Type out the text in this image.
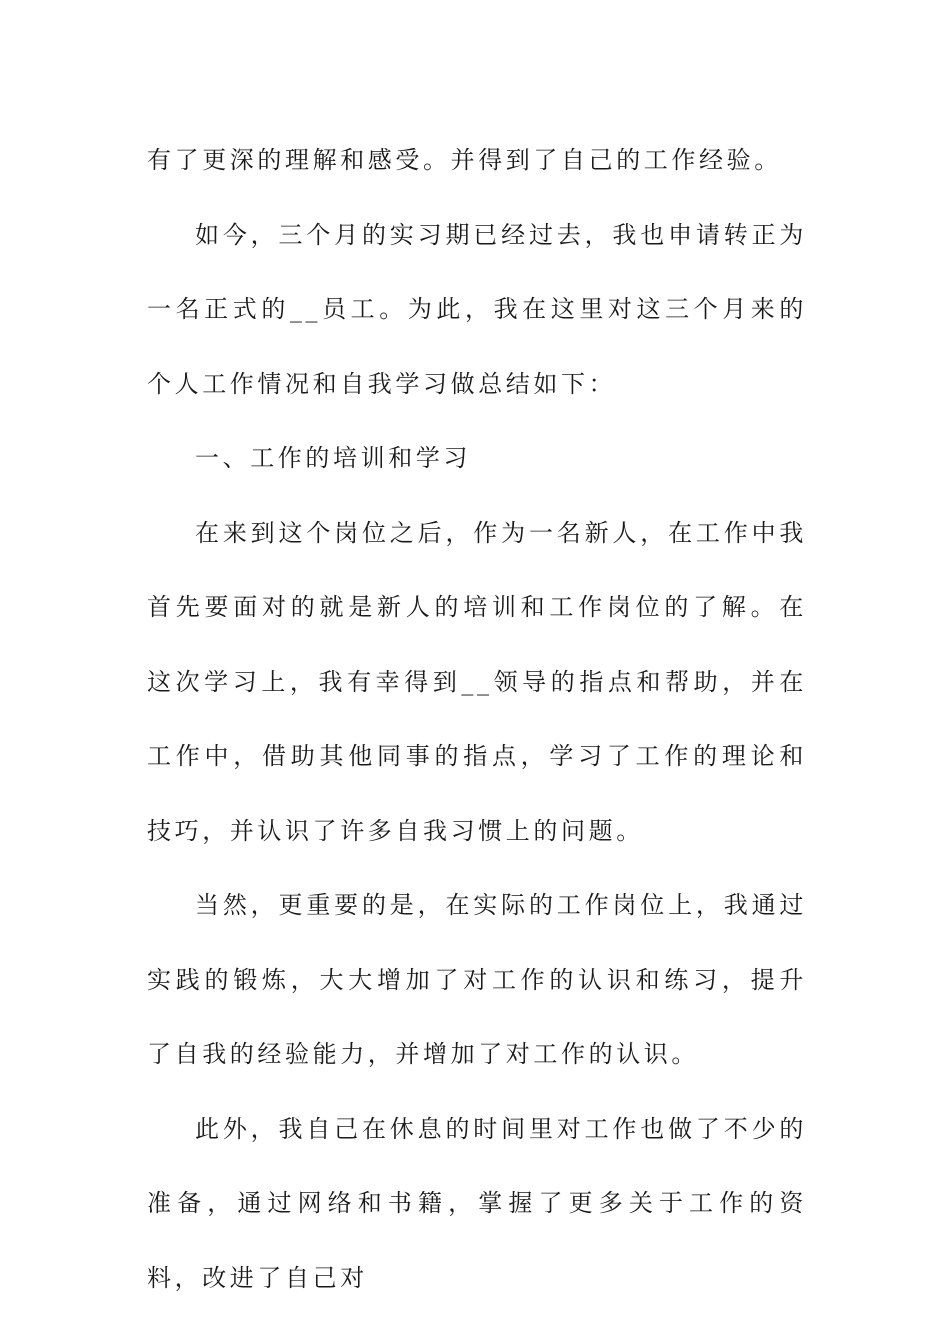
有了更深的理解和感受。并得到了自己的工作经验。

如今，三个月的实习期已经过去，我也申请转正为一名正式的__员工。为此，我在这里对这三个月来的个人工作情况和自我学习做总结如下：

一、工作的培训和学习

在来到这个岗位之后，作为一名新人，在工作中我首先要面对的就是新人的培训和工作岗位的了解。在这次学习上，我有幸得到__领导的指点和帮助，并在工作中，借助其他同事的指点，学习了工作的理论和技巧，并认识了许多自我习惯上的问题。

当然，更重要的是，在实际的工作岗位上，我通过实践的锻炼，大大增加了对工作的认识和练习，提升了自我的经验能力，并增加了对工作的认识。

此外，我自己在休息的时间里对工作也做了不少的准备，通过网络和书籍，掌握了更多关于工作的资料，改进了自己对
